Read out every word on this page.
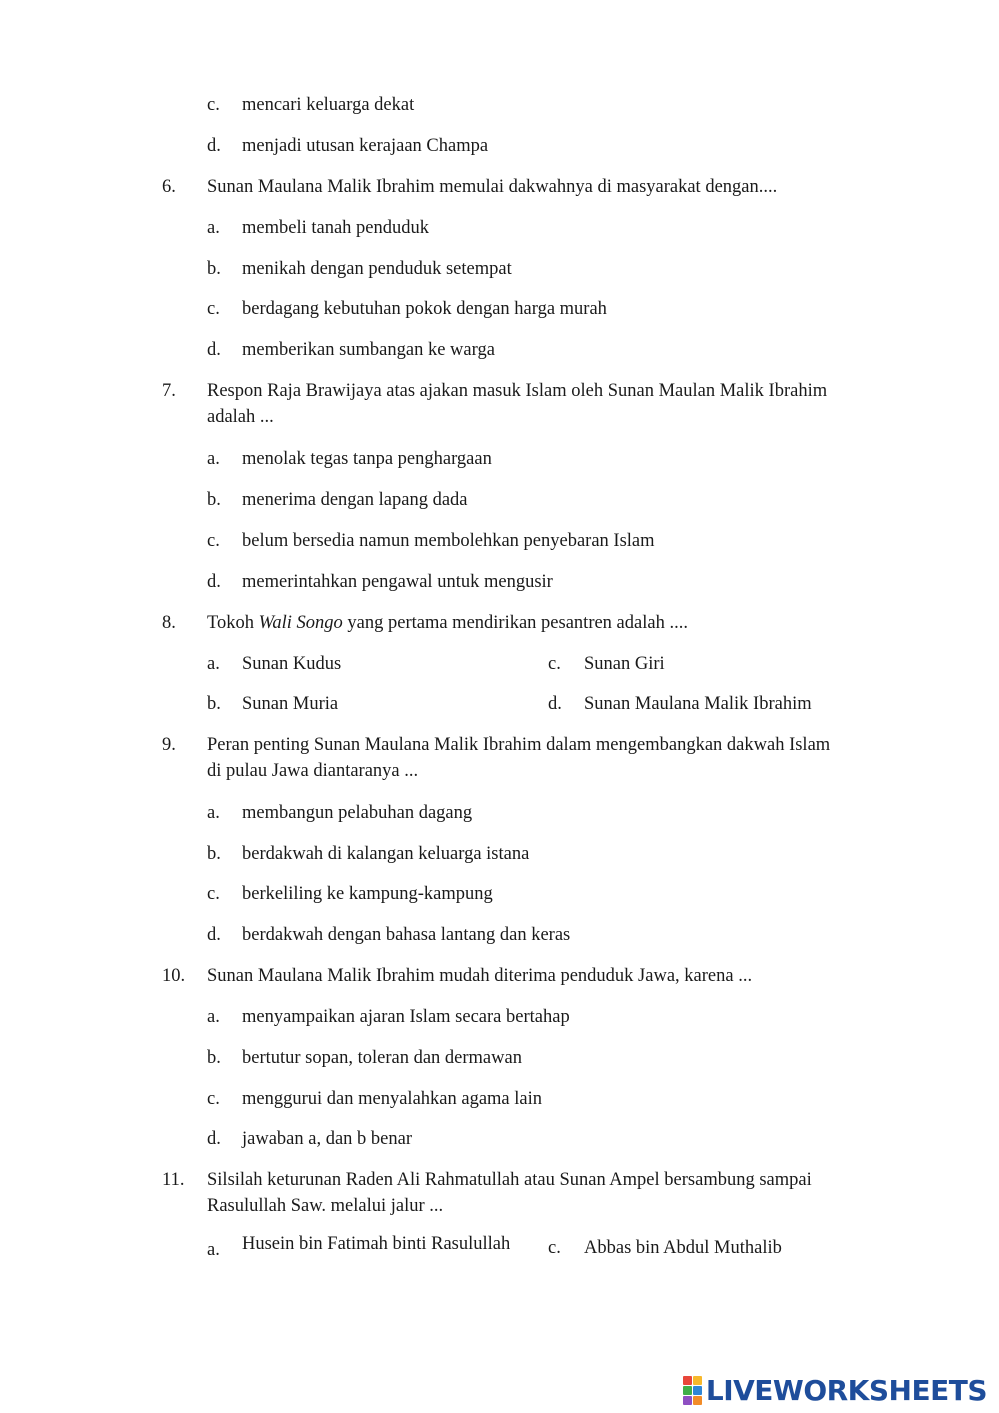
c. mencari keluarga dekat
d. menjadi utusan kerajaan Champa
6. Sunan Maulana Malik Ibrahim memulai dakwahnya di masyarakat dengan....
a. membeli tanah penduduk
b. menikah dengan penduduk setempat
c. berdagang kebutuhan pokok dengan harga murah
d. memberikan sumbangan ke warga
7. Respon Raja Brawijaya atas ajakan masuk Islam oleh Sunan Maulan Malik Ibrahim
adalah ...
a. menolak tegas tanpa penghargaan
b. menerima dengan lapang dada
c. belum bersedia namun membolehkan penyebaran Islam
d. memerintahkan pengawal untuk mengusir
8. Tokoh Wali Songo yang pertama mendirikan pesantren adalah ....
a. Sunan Kudus	c. Sunan Giri
b. Sunan Muria	d. Sunan Maulana Malik Ibrahim
9. Peran penting Sunan Maulana Malik Ibrahim dalam mengembangkan dakwah Islam
di pulau Jawa diantaranya ...
a. membangun pelabuhan dagang
b. berdakwah di kalangan keluarga istana
c. berkeliling ke kampung-kampung
d. berdakwah dengan bahasa lantang dan keras
10. Sunan Maulana Malik Ibrahim mudah diterima penduduk Jawa, karena ...
a. menyampaikan ajaran Islam secara bertahap
b. bertutur sopan, toleran dan dermawan
c. menggurui dan menyalahkan agama lain
d. jawaban a, dan b benar
11. Silsilah keturunan Raden Ali Rahmatullah atau Sunan Ampel bersambung sampai
Rasulullah Saw. melalui jalur ...
a. Husein bin Fatimah binti Rasulullah c. Abbas bin Abdul Muthalib
LIVEWORKSHEETS
